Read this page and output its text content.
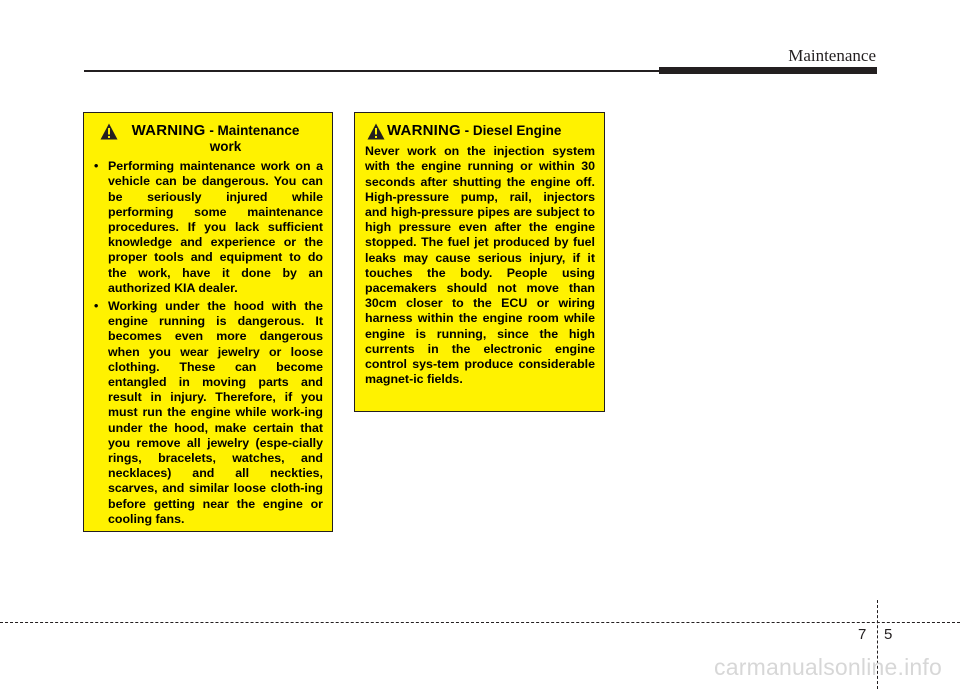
Maintenance
WARNING - Maintenance
work
• Performing maintenance work on a vehicle can be dangerous. You can be seriously injured while performing some maintenance procedures. If you lack sufficient knowledge and experience or the proper tools and equipment to do the work, have it done by an authorized KIA dealer.
• Working under the hood with the engine running is dangerous. It becomes even more dangerous when you wear jewelry or loose clothing. These can become entangled in moving parts and result in injury. Therefore, if you must run the engine while work-ing under the hood, make certain that you remove all jewelry (espe-cially rings, bracelets, watches, and necklaces) and all neckties, scarves, and similar loose cloth-ing before getting near the engine or cooling fans.
WARNING - Diesel Engine

Never work on the injection system with the engine running or within 30 seconds after shutting the engine off. High-pressure pump, rail, injectors and high-pressure pipes are subject to high pressure even after the engine stopped. The fuel jet produced by fuel leaks may cause serious injury, if it touches the body. People using pacemakers should not move than 30cm closer to the ECU or wiring harness within the engine room while engine is running, since the high currents in the electronic engine control sys-tem produce considerable magnet-ic fields.

7 5
carmanualsonline.info
